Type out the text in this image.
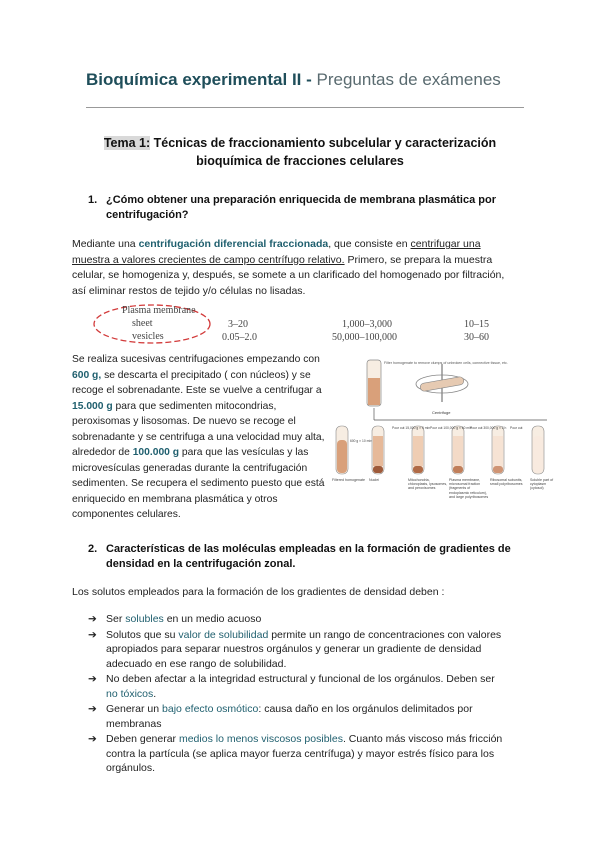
Bioquímica experimental II - Preguntas de exámenes
Tema 1: Técnicas de fraccionamiento subcelular y caracterización
bioquímica de fracciones celulares
1. ¿Cómo obtener una preparación enriquecida de membrana plasmática por
centrifugación?
Mediante una centrifugación diferencial fraccionada, que consiste en centrifugar una
muestra a valores crecientes de campo centrífugo relativo. Primero, se prepara la muestra
celular, se homogeniza y, después, se somete a un clarificado del homogenado por filtración,
así eliminar restos de tejido y/o células no lisadas.
Plasma membrane
sheet
vesicles
3–20
0.05–2.0
1,000–3,000
50,000–100,000
10–15
30–60
Se realiza sucesivas centrifugaciones empezando con
600 g, se descarta el precipitado ( con núcleos) y se
recoge el sobrenadante. Este se vuelve a centrifugar a
15.000 g para que sedimenten mitocondrias,
peroxisomas y lisosomas. De nuevo se recoge el
sobrenadante y se centrifuga a una velocidad muy alta,
alrededor de 100.000 g para que las vesículas y las
microvesículas generadas durante la centrifugación
sedimenten. Se recupera el sedimento puesto que está
enriquecido en membrana plasmática y otros
componentes celulares.
Filter homogenate to remove clumps of unbroken cells, connective tissue, etc.
Centrifuge
600 g × 10 min
Pour out 15,000 g × 5 min Pour out 100,000 g × 60 min
Pour out 300,000 g × 2 h Pour out
Filtered homogenate	Nuclei	Mitochondria, chloroplasts, lysosomes, and peroxisomes
Plasma membrane, microsomal fraction (fragments of endoplasmic reticulum), and large polyribosomes
Ribosomal subunits, small polyribosomes
Soluble part of cytoplasm (cytosol)
2. Características de las moléculas empleadas en la formación de gradientes de
densidad en la centrifugación zonal.
Los solutos empleados para la formación de los gradientes de densidad deben :
➔ Ser solubles en un medio acuoso
➔ Solutos que su valor de solubilidad permite un rango de concentraciones con valores
apropiados para separar nuestros orgánulos y generar un gradiente de densidad
adecuado en ese rango de solubilidad.
➔ No deben afectar a la integridad estructural y funcional de los orgánulos. Deben ser
no tóxicos.
➔ Generar un bajo efecto osmótico: causa daño en los orgánulos delimitados por
membranas
➔ Deben generar medios lo menos viscosos posibles. Cuanto más viscoso más fricción
contra la partícula (se aplica mayor fuerza centrífuga) y mayor estrés físico para los
orgánulos.
